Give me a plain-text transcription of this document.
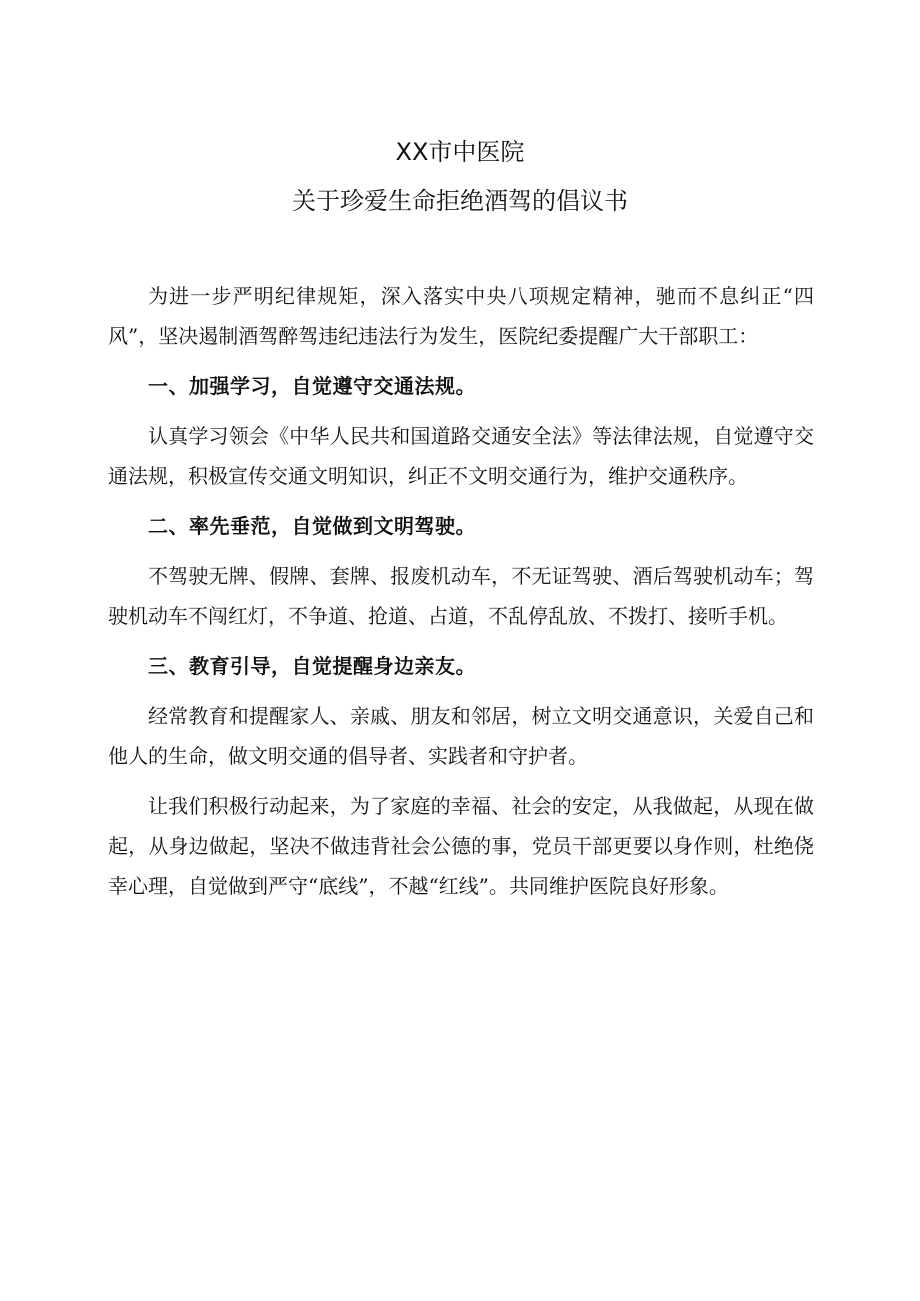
XX市中医院
关于珍爱生命拒绝酒驾的倡议书

为进一步严明纪律规矩，深入落实中央八项规定精神，驰而不息纠正“四风”，坚决遏制酒驾醉驾违纪违法行为发生，医院纪委提醒广大干部职工：

一、加强学习，自觉遵守交通法规。

认真学习领会《中华人民共和国道路交通安全法》等法律法规，自觉遵守交通法规，积极宣传交通文明知识，纠正不文明交通行为，维护交通秩序。

二、率先垂范，自觉做到文明驾驶。

不驾驶无牌、假牌、套牌、报废机动车，不无证驾驶、酒后驾驶机动车；驾驶机动车不闯红灯，不争道、抢道、占道，不乱停乱放、不拨打、接听手机。

三、教育引导，自觉提醒身边亲友。

经常教育和提醒家人、亲戚、朋友和邻居，树立文明交通意识，关爱自己和他人的生命，做文明交通的倡导者、实践者和守护者。

让我们积极行动起来，为了家庭的幸福、社会的安定，从我做起，从现在做起，从身边做起，坚决不做违背社会公德的事，党员干部更要以身作则，杜绝侥幸心理，自觉做到严守“底线”，不越“红线”。共同维护医院良好形象。
